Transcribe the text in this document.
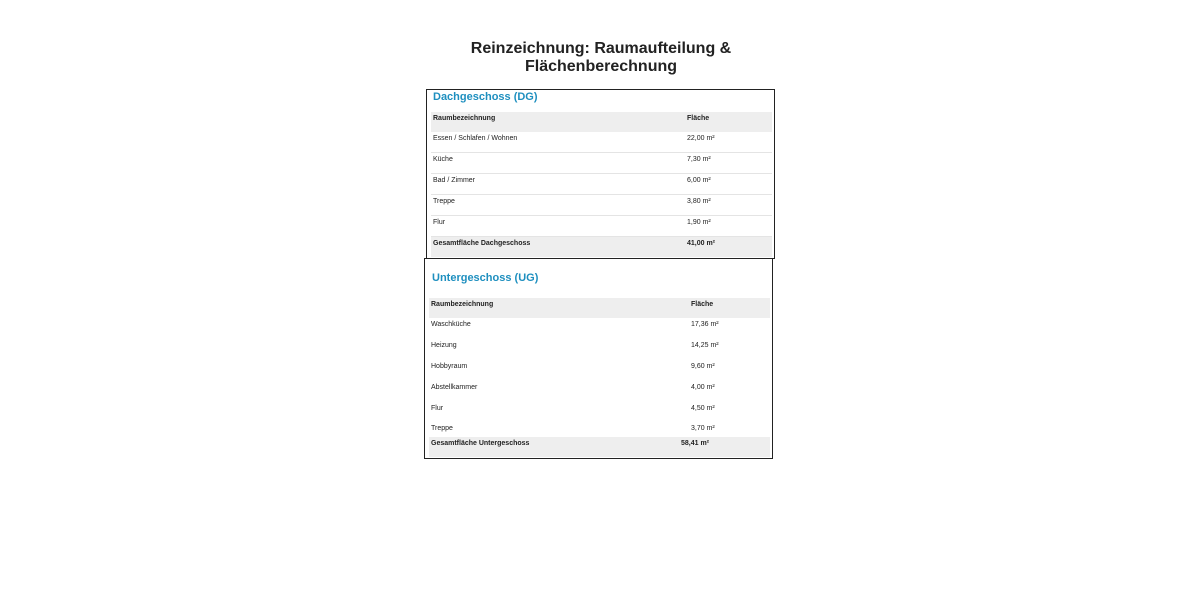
Reinzeichnung: Raumaufteilung &
Flächenberechnung
Dachgeschoss (DG)
Raumbezeichnung	Fläche
Essen / Schlafen / Wohnen	22,00 m²
Küche	7,30 m²
Bad / Zimmer	6,00 m²
Treppe	3,80 m²
Flur	1,90 m²
Gesamtfläche Dachgeschoss	41,00 m²
Untergeschoss (UG)
Raumbezeichnung	Fläche
Waschküche	17,36 m²
Heizung	14,25 m²
Hobbyraum	9,60 m²
Abstellkammer	4,00 m²
Flur	4,50 m²
Treppe	3,70 m²
Gesamtfläche Untergeschoss	58,41 m²
